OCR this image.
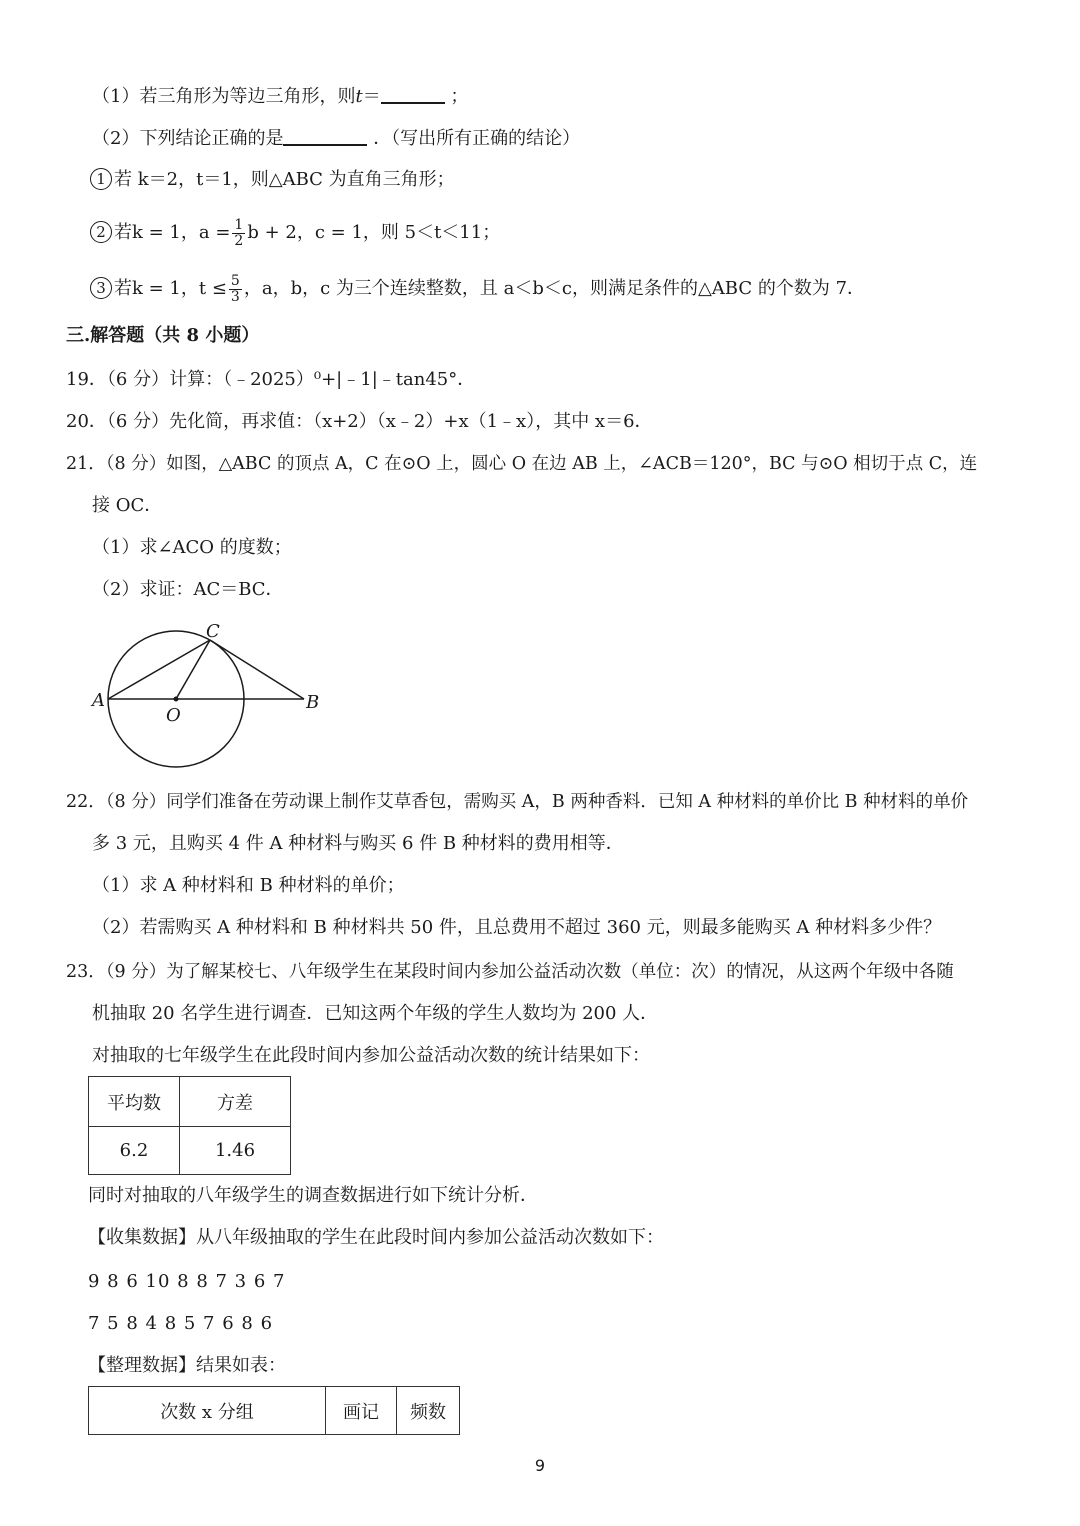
（1）若三角形为等边三角形，则t＝	；
（2）下列结论正确的是	．（写出所有正确的结论）
1 若 k＝2，t＝1，则△ABC 为直角三角形；
2 若k = 1，$a = \frac{1}{2}$ b + 2，c = 1，则 5＜t＜11；
3 若k = 1，$t \le \frac{5}{3}$ ，a，b，c 为三个连续整数，且 a＜b＜c，则满足条件的△ABC 的个数为 7．
三.解答题（共 8 小题）
19．（6 分）计算：（﹣2025）⁰+|﹣1|﹣tan45°．
20．（6 分）先化简，再求值：（x+2）（x﹣2）+x（1﹣x），其中 x＝6．
21．（8 分）如图，△ABC 的顶点 A，C 在⊙O 上，圆心 O 在边 AB 上，∠ACB＝120°，BC 与⊙O 相切于点 C，连
接 OC．
（1）求∠ACO 的度数；
（2）求证：AC＝BC．
A	B
C
O
22．（8 分）同学们准备在劳动课上制作艾草香包，需购买 A，B 两种香料．已知 A 种材料的单价比 B 种材料的单价
多 3 元，且购买 4 件 A 种材料与购买 6 件 B 种材料的费用相等．
（1）求 A 种材料和 B 种材料的单价；
（2）若需购买 A 种材料和 B 种材料共 50 件，且总费用不超过 360 元，则最多能购买 A 种材料多少件？
23．（9 分）为了解某校七、八年级学生在某段时间内参加公益活动次数（单位：次）的情况，从这两个年级中各随
机抽取 20 名学生进行调查．已知这两个年级的学生人数均为 200 人．
对抽取的七年级学生在此段时间内参加公益活动次数的统计结果如下：
平均数	方差
6.2	1.46
同时对抽取的八年级学生的调查数据进行如下统计分析．
【收集数据】从八年级抽取的学生在此段时间内参加公益活动次数如下：
9 8 6 10 8 8 7 3 6 7
7 5 8 4 8 5 7 6 8 6
【整理数据】结果如表：
次数 x 分组	画记	频数
9
